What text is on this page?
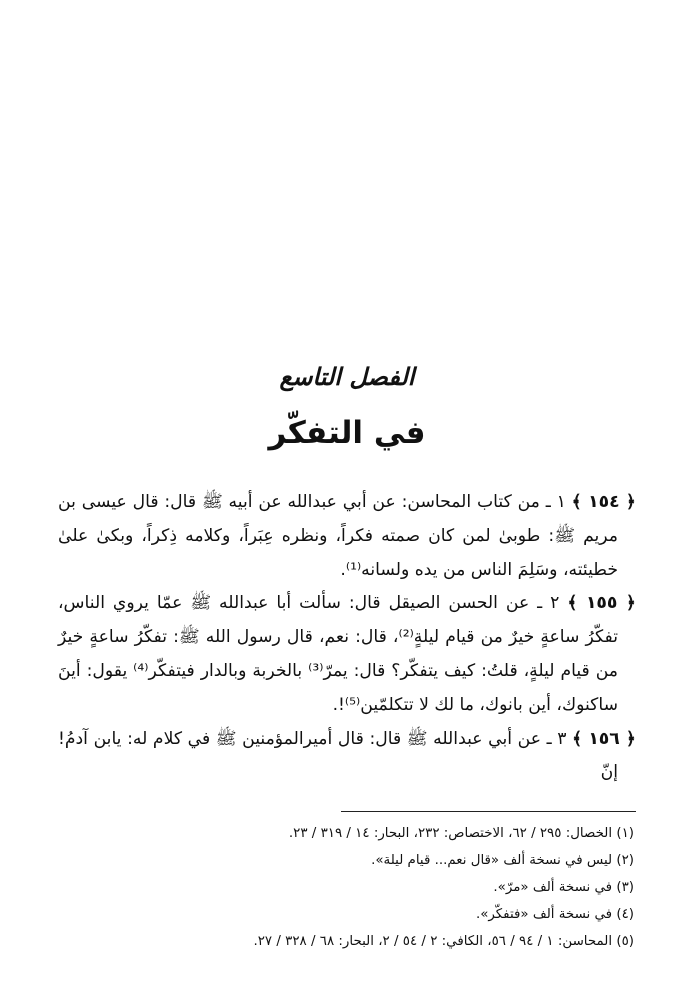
الفصل التاسع
في التفكّر

﴿ ١٥٤ ﴾ ١ ـ من كتاب المحاسن: عن أبي عبدالله عن أبيه ﷺ قال: قال عيسى بن مريم ﷺ: طوبىٰ لمن كان صمته فكراً، ونظره عِبَراً، وكلامه ذِكراً، وبكىٰ علىٰ خطيئته، وسَلِمَ الناس من يده ولسانه⁽¹⁾.

﴿ ١٥٥ ﴾ ٢ ـ عن الحسن الصيقل قال: سألت أبا عبدالله ﷺ عمّا يروي الناس، تفكّرُ ساعةٍ خيرٌ من قيام ليلةٍ⁽²⁾، قال: نعم، قال رسول الله ﷺ: تفكّرُ ساعةٍ خيرٌ من قيام ليلةٍ، قلتُ: كيف يتفكّر؟ قال: يمرّ⁽³⁾ بالخربة وبالدار فيتفكّر⁽⁴⁾ يقول: أينَ ساكنوك، أين بانوك، ما لك لا تتكلمّين⁽⁵⁾!.

﴿ ١٥٦ ﴾ ٣ ـ عن أبي عبدالله ﷺ قال: قال أميرالمؤمنين ﷺ في كلام له: يابن آدمُ! إنّ

(١) الخصال: ٢٩٥ / ٦٢، الاختصاص: ٢٣٢، البحار: ١٤ / ٣١٩ / ٢٣.

(٢) ليس في نسخة ألف «قال نعم... قيام ليلة».

(٣) في نسخة ألف «مرّ».

(٤) في نسخة ألف «فتفكّر».

(٥) المحاسن: ١ / ٩٤ / ٥٦، الكافي: ٢ / ٥٤ / ٢، البحار: ٦٨ / ٣٢٨ / ٢٧.
